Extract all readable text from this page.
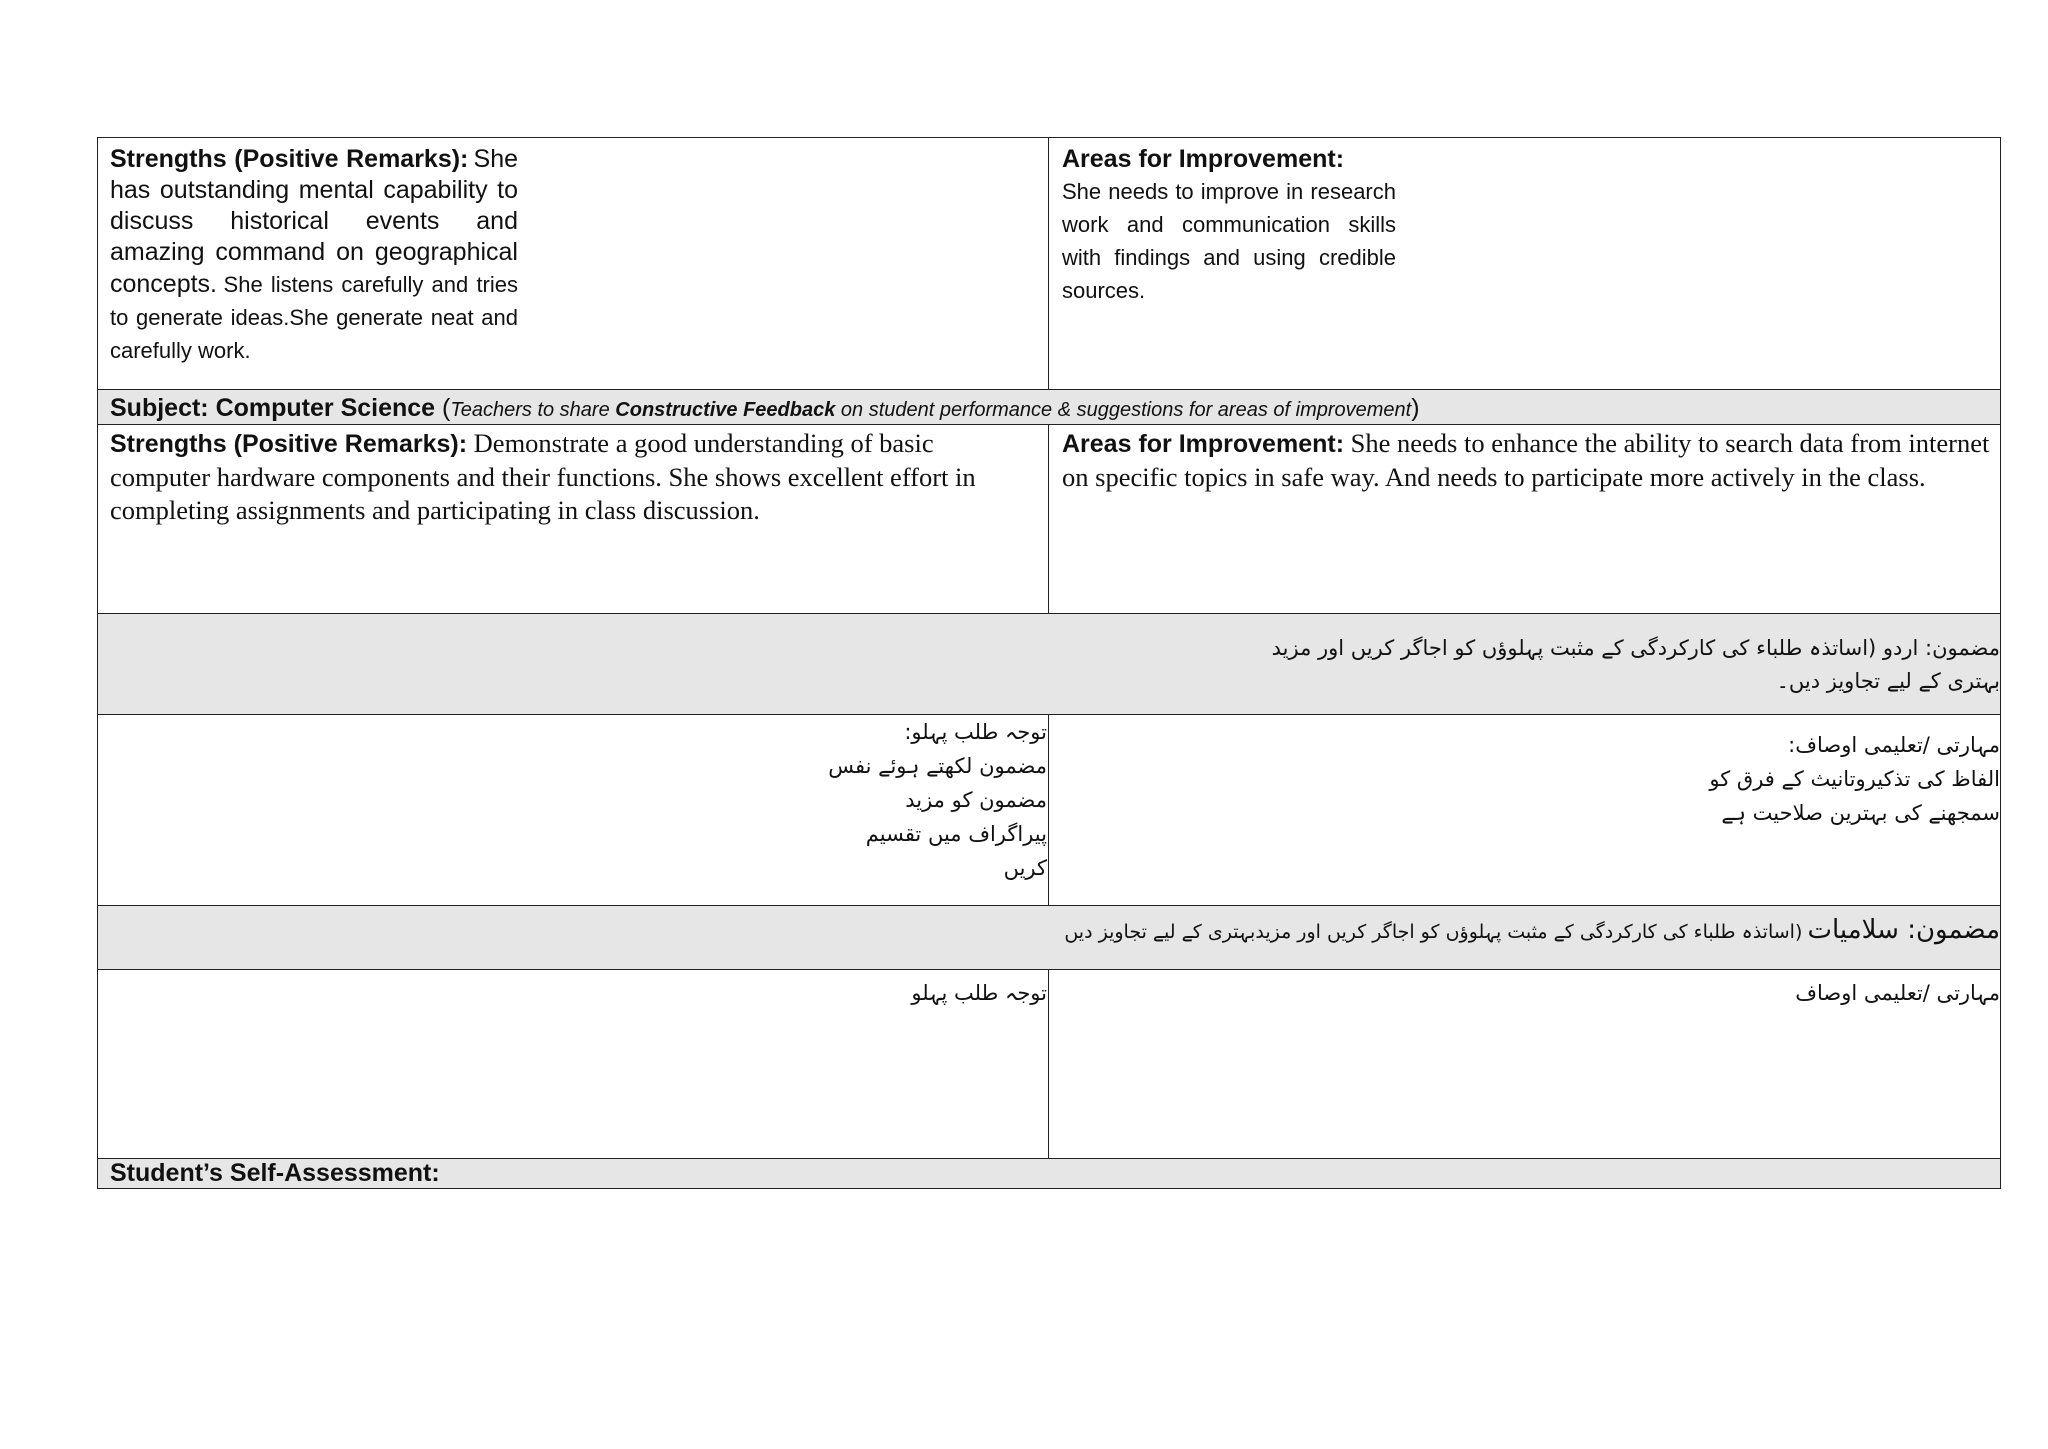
Strengths (Positive Remarks): She has outstanding mental capability to discuss historical events and amazing command on geographical concepts. She listens carefully and tries to generate ideas.She generate neat and carefully work.
Areas for Improvement:
She needs to improve in research work and communication skills with findings and using credible sources.
Subject: Computer Science (Teachers to share Constructive Feedback on student performance & suggestions for areas of improvement)
Strengths (Positive Remarks): Demonstrate a good understanding of basic computer hardware components and their functions. She shows excellent effort in completing assignments and participating in class discussion.
Areas for Improvement: She needs to enhance the ability to search data from internet on specific topics in safe way. And needs to participate more actively in the class.
مضمون: اردو (اساتذہ طلباء کی کارکردگی کے مثبت پہلوؤں کو اجاگر کریں اور مزید
بہتری کے لیے تجاویز دیں۔
مہارتی /تعلیمی اوصاف:
الفاظ کی تذکیروتانیث کے فرق کو سمجھنے کی بہترین صلاحیت ہے
توجہ طلب پہلو:
مضمون لکھتے ہوئے نفس مضمون کو مزید پیراگراف میں تقسیم کریں
مضمون: سلامیات (اساتذہ طلباء کی کارکردگی کے مثبت پہلوؤں کو اجاگر کریں اور مزیدبہتری کے لیے تجاویز دیں
مہارتی /تعلیمی اوصاف
توجہ طلب پہلو
Student’s Self-Assessment:
